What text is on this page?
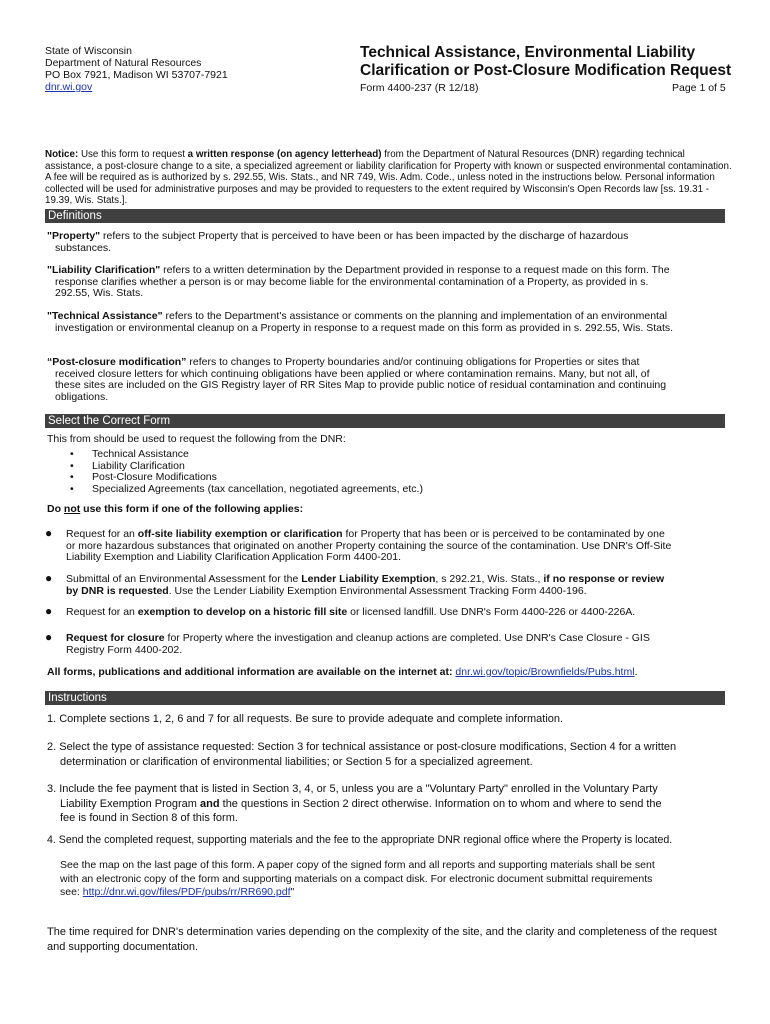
State of Wisconsin
Department of Natural Resources
PO Box 7921, Madison WI 53707-7921
dnr.wi.gov
Technical Assistance, Environmental Liability
Clarification or Post-Closure Modification Request
Form 4400-237 (R 12/18)	Page 1 of 5
Notice: Use this form to request a written response (on agency letterhead) from the Department of Natural Resources (DNR) regarding technical assistance, a post-closure change to a site, a specialized agreement or liability clarification for Property with known or suspected environmental contamination. A fee will be required as is authorized by s. 292.55, Wis. Stats., and NR 749, Wis. Adm. Code., unless noted in the instructions below. Personal information collected will be used for administrative purposes and may be provided to requesters to the extent required by Wisconsin's Open Records law [ss. 19.31 - 19.39, Wis. Stats.].
Definitions
"Property" refers to the subject Property that is perceived to have been or has been impacted by the discharge of hazardous
substances.
"Liability Clarification" refers to a written determination by the Department provided in response to a request made on this form. The
response clarifies whether a person is or may become liable for the environmental contamination of a Property, as provided in s.
292.55, Wis. Stats.
"Technical Assistance" refers to the Department's assistance or comments on the planning and implementation of an environmental
investigation or environmental cleanup on a Property in response to a request made on this form as provided in s. 292.55, Wis. Stats.
“Post-closure modification” refers to changes to Property boundaries and/or continuing obligations for Properties or sites that
received closure letters for which continuing obligations have been applied or where contamination remains. Many, but not all, of
these sites are included on the GIS Registry layer of RR Sites Map to provide public notice of residual contamination and continuing
obligations.
Select the Correct Form
This from should be used to request the following from the DNR:
• Technical Assistance
• Liability Clarification
• Post-Closure Modifications
• Specialized Agreements (tax cancellation, negotiated agreements, etc.)
Do not use this form if one of the following applies:
●	Request for an off-site liability exemption or clarification for Property that has been or is perceived to be contaminated by one
or more hazardous substances that originated on another Property containing the source of the contamination. Use DNR's Off-Site
Liability Exemption and Liability Clarification Application Form 4400-201.
●	Submittal of an Environmental Assessment for the Lender Liability Exemption, s 292.21, Wis. Stats., if no response or review
by DNR is requested. Use the Lender Liability Exemption Environmental Assessment Tracking Form 4400-196.
●	Request for an exemption to develop on a historic fill site or licensed landfill. Use DNR's Form 4400-226 or 4400-226A.
●	Request for closure for Property where the investigation and cleanup actions are completed. Use DNR's Case Closure - GIS
Registry Form 4400-202.
All forms, publications and additional information are available on the internet at: dnr.wi.gov/topic/Brownfields/Pubs.html.
Instructions
1. Complete sections 1, 2, 6 and 7 for all requests. Be sure to provide adequate and complete information.
2. Select the type of assistance requested: Section 3 for technical assistance or post-closure modifications, Section 4 for a written
determination or clarification of environmental liabilities; or Section 5 for a specialized agreement.
3. Include the fee payment that is listed in Section 3, 4, or 5, unless you are a "Voluntary Party" enrolled in the Voluntary Party
Liability Exemption Program and the questions in Section 2 direct otherwise. Information on to whom and where to send the
fee is found in Section 8 of this form.
4. Send the completed request, supporting materials and the fee to the appropriate DNR regional office where the Property is located.
See the map on the last page of this form. A paper copy of the signed form and all reports and supporting materials shall be sent
with an electronic copy of the form and supporting materials on a compact disk. For electronic document submittal requirements
see: http://dnr.wi.gov/files/PDF/pubs/rr/RR690.pdf"
The time required for DNR's determination varies depending on the complexity of the site, and the clarity and completeness of the request and supporting documentation.
